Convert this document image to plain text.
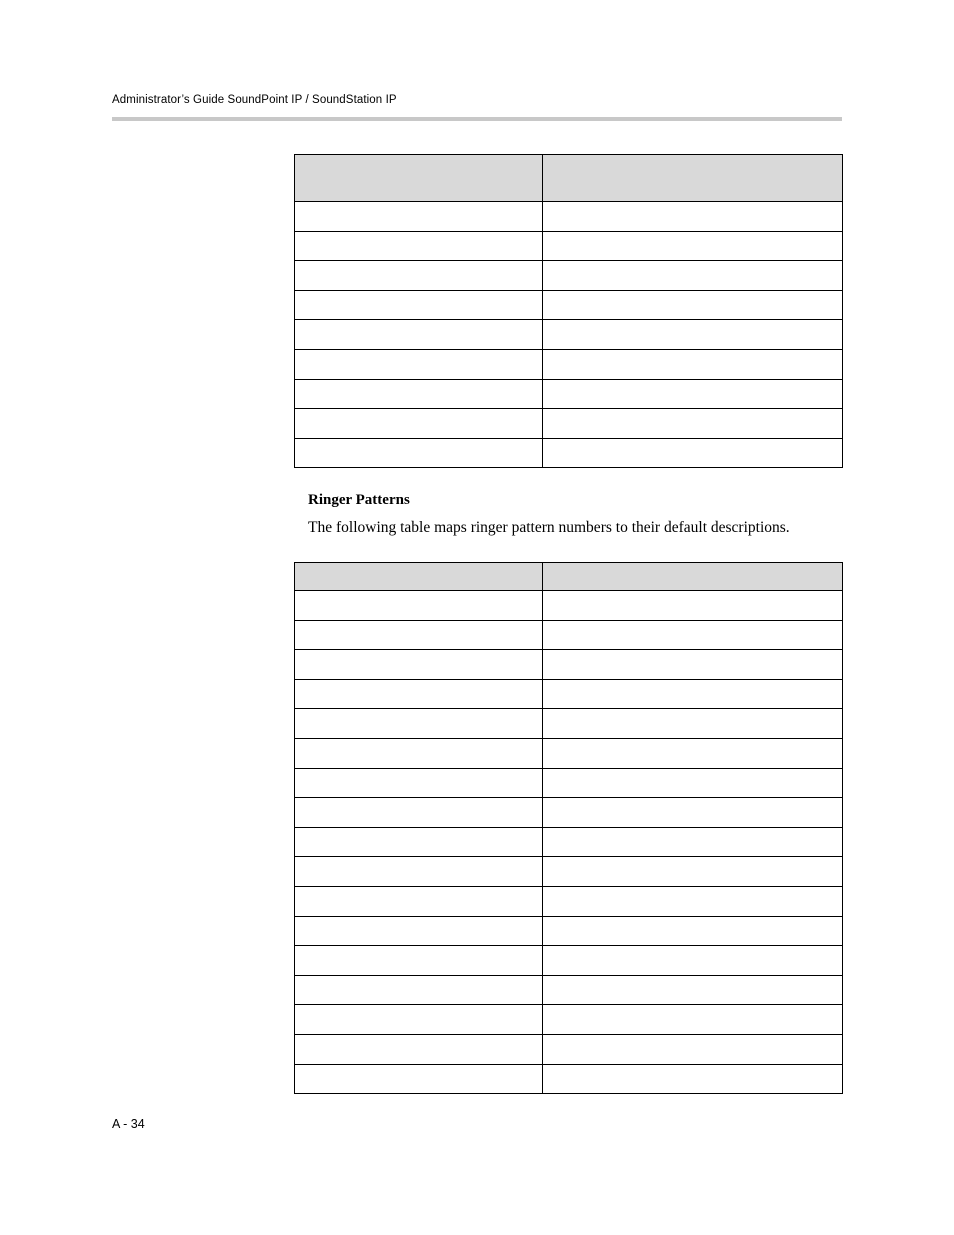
Administrator’s Guide SoundPoint IP / SoundStation IP

Ringer Patterns
The following table maps ringer pattern numbers to their default descriptions.

A - 34
